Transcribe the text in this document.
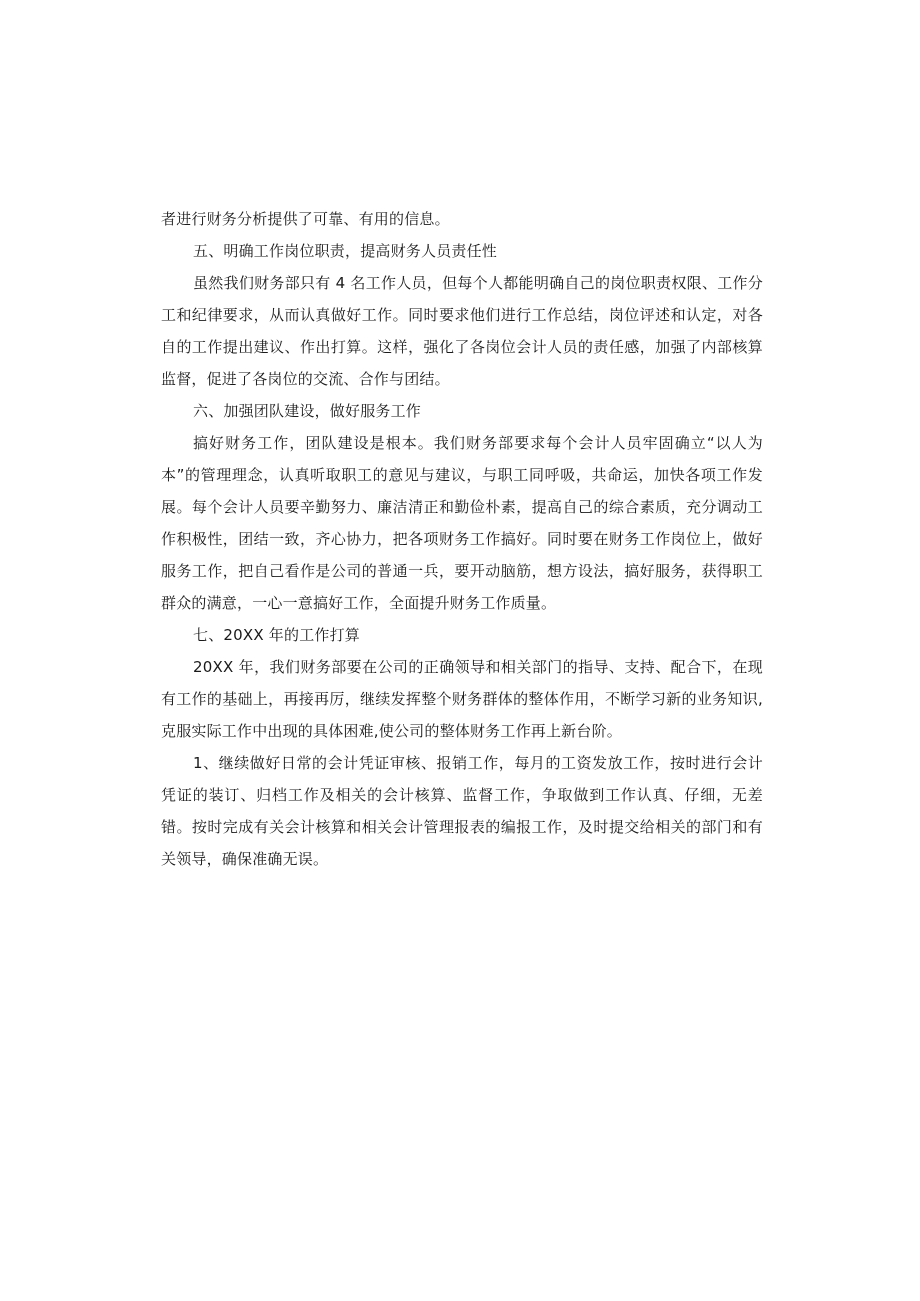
者进行财务分析提供了可靠、有用的信息。

五、明确工作岗位职责，提高财务人员责任性

虽然我们财务部只有 4 名工作人员，但每个人都能明确自己的岗位职责权限、工作分工和纪律要求，从而认真做好工作。同时要求他们进行工作总结，岗位评述和认定，对各自的工作提出建议、作出打算。这样，强化了各岗位会计人员的责任感，加强了内部核算监督，促进了各岗位的交流、合作与团结。

六、加强团队建设，做好服务工作

搞好财务工作，团队建设是根本。我们财务部要求每个会计人员牢固确立“以人为本”的管理理念，认真听取职工的意见与建议，与职工同呼吸，共命运，加快各项工作发展。每个会计人员要辛勤努力、廉洁清正和勤俭朴素，提高自己的综合素质，充分调动工作积极性，团结一致，齐心协力，把各项财务工作搞好。同时要在财务工作岗位上，做好服务工作，把自己看作是公司的普通一兵，要开动脑筋，想方设法，搞好服务，获得职工群众的满意，一心一意搞好工作，全面提升财务工作质量。

七、20XX 年的工作打算

20XX 年，我们财务部要在公司的正确领导和相关部门的指导、支持、配合下，在现有工作的基础上，再接再厉，继续发挥整个财务群体的整体作用，不断学习新的业务知识,克服实际工作中出现的具体困难,使公司的整体财务工作再上新台阶。

1、继续做好日常的会计凭证审核、报销工作，每月的工资发放工作，按时进行会计凭证的装订、归档工作及相关的会计核算、监督工作，争取做到工作认真、仔细，无差错。按时完成有关会计核算和相关会计管理报表的编报工作，及时提交给相关的部门和有关领导，确保准确无误。
